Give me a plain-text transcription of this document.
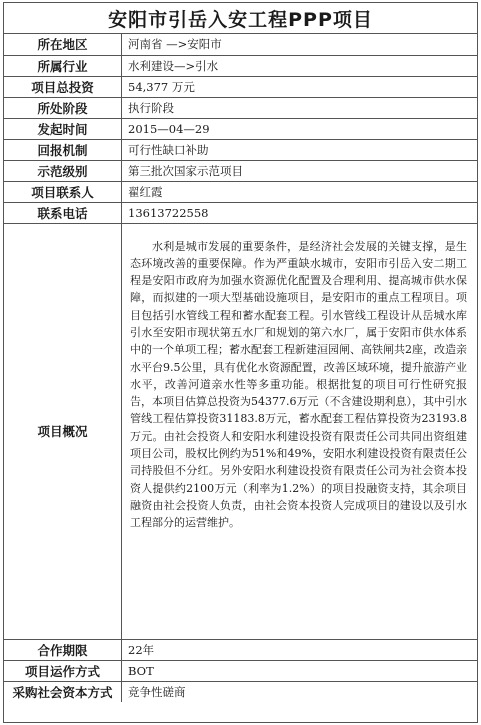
安阳市引岳入安工程PPP项目
所在地区	河南省 —>安阳市
所属行业	水利建设—>引水
项目总投资	54,377 万元
所处阶段	执行阶段
发起时间	2015—04—29
回报机制	可行性缺口补助
示范级别	第三批次国家示范项目
项目联系人	翟红霞
联系电话	13613722558
项目概况	水利是城市发展的重要条件，是经济社会发展的关键支撑，是生态环境改善的重要保障。作为严重缺水城市，安阳市引岳入安二期工程是安阳市政府为加强水资源优化配置及合理利用、提高城市供水保障，而拟建的一项大型基础设施项目，是安阳市的重点工程项目。项目包括引水管线工程和蓄水配套工程。引水管线工程设计从岳城水库引水至安阳市现状第五水厂和规划的第六水厂，属于安阳市供水体系中的一个单项工程；蓄水配套工程新建洹园闸、高铁闸共2座，改造亲水平台9.5公里，具有优化水资源配置，改善区域环境，提升旅游产业水平，改善河道亲水性等多重功能。根据批复的项目可行性研究报告，本项目估算总投资为54377.6万元（不含建设期利息），其中引水管线工程估算投资31183.8万元，蓄水配套工程估算投资为23193.8万元。由社会投资人和安阳水利建设投资有限责任公司共同出资组建项目公司，股权比例约为51%和49%，安阳水利建设投资有限责任公司持股但不分红。另外安阳水利建设投资有限责任公司为社会资本投资人提供约2100万元（利率为1.2%）的项目投融资支持，其余项目融资由社会投资人负责，由社会资本投资人完成项目的建设以及引水工程部分的运营维护。

合作期限	22年
项目运作方式	BOT
采购社会资本方式	竞争性磋商
